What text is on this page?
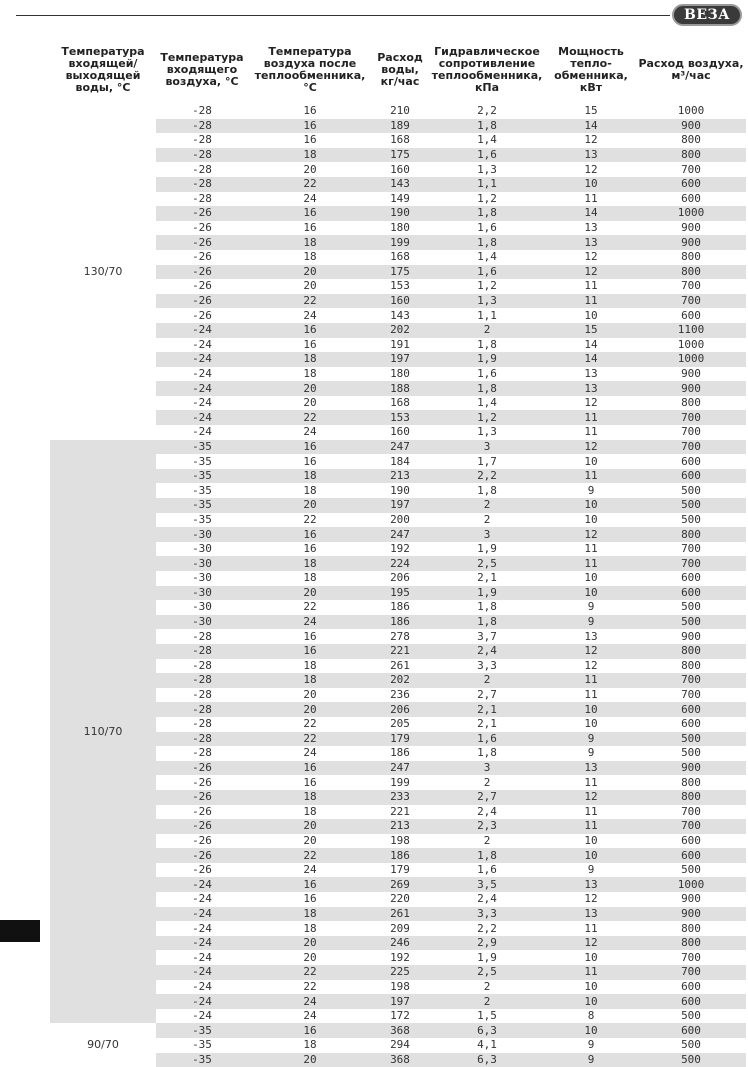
ВЕЗА
Температура входящей/ выходящей воды, °С	Температура входящего воздуха, °С	Температура воздуха после теплообменника, °С	Расход воды, кг/час	Гидравлическое сопротивление теплообменника, кПа	Мощность тепло- обменника, кВт	Расход воздуха, м³/час
130/70	-28	16	210	2,2	15	1000
	-28	16	189	1,8	14	900
	-28	16	168	1,4	12	800
	-28	18	175	1,6	13	800
	-28	20	160	1,3	12	700
	-28	22	143	1,1	10	600
	-28	24	149	1,2	11	600
	-26	16	190	1,8	14	1000
	-26	16	180	1,6	13	900
	-26	18	199	1,8	13	900
	-26	18	168	1,4	12	800
	-26	20	175	1,6	12	800
	-26	20	153	1,2	11	700
	-26	22	160	1,3	11	700
	-26	24	143	1,1	10	600
	-24	16	202	2	15	1100
	-24	16	191	1,8	14	1000
	-24	18	197	1,9	14	1000
	-24	18	180	1,6	13	900
	-24	20	188	1,8	13	900
	-24	20	168	1,4	12	800
	-24	22	153	1,2	11	700
	-24	24	160	1,3	11	700
110/70	-35	16	247	3	12	700
	-35	16	184	1,7	10	600
	-35	18	213	2,2	11	600
	-35	18	190	1,8	9	500
	-35	20	197	2	10	500
	-35	22	200	2	10	500
	-30	16	247	3	12	800
	-30	16	192	1,9	11	700
	-30	18	224	2,5	11	700
	-30	18	206	2,1	10	600
	-30	20	195	1,9	10	600
	-30	22	186	1,8	9	500
	-30	24	186	1,8	9	500
	-28	16	278	3,7	13	900
	-28	16	221	2,4	12	800
	-28	18	261	3,3	12	800
	-28	18	202	2	11	700
	-28	20	236	2,7	11	700
	-28	20	206	2,1	10	600
	-28	22	205	2,1	10	600
	-28	22	179	1,6	9	500
	-28	24	186	1,8	9	500
	-26	16	247	3	13	900
	-26	16	199	2	11	800
	-26	18	233	2,7	12	800
	-26	18	221	2,4	11	700
	-26	20	213	2,3	11	700
	-26	20	198	2	10	600
	-26	22	186	1,8	10	600
	-26	24	179	1,6	9	500
	-24	16	269	3,5	13	1000
	-24	16	220	2,4	12	900
	-24	18	261	3,3	13	900
	-24	18	209	2,2	11	800
	-24	20	246	2,9	12	800
	-24	20	192	1,9	10	700
	-24	22	225	2,5	11	700
	-24	22	198	2	10	600
	-24	24	197	2	10	600
	-24	24	172	1,5	8	500
90/70	-35	16	368	6,3	10	600
	-35	18	294	4,1	9	500
	-35	20	368	6,3	9	500
